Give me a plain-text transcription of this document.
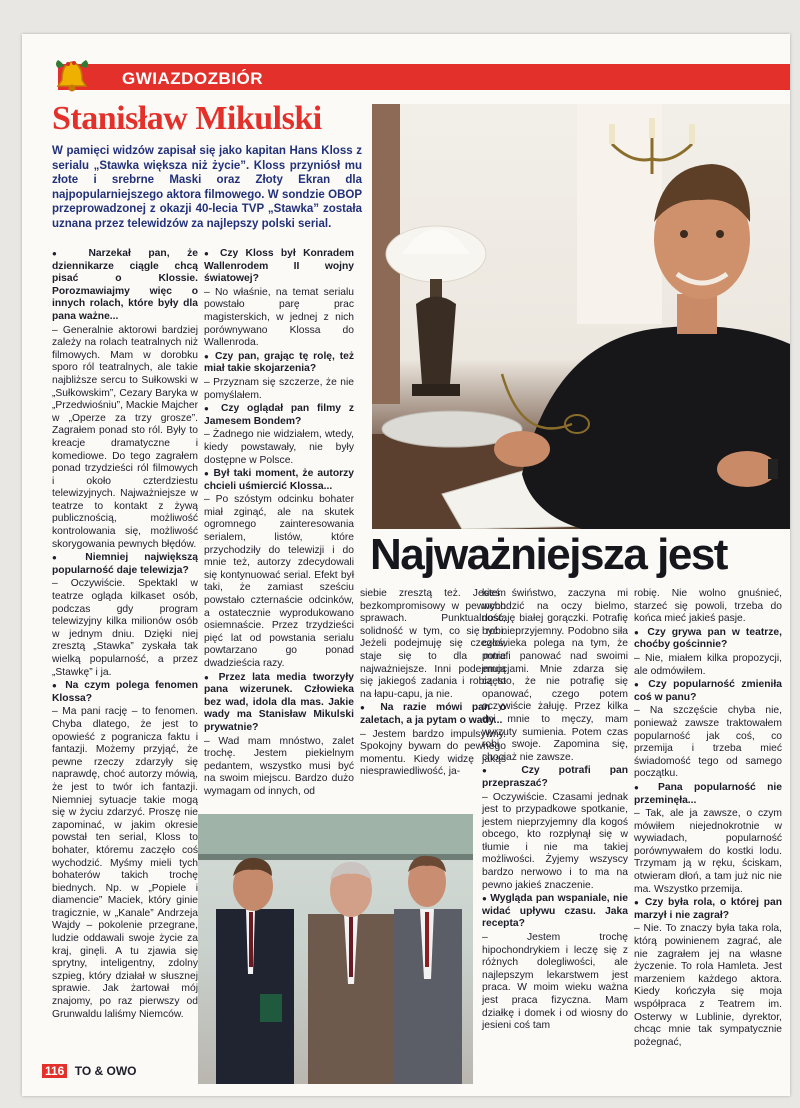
GWIAZDOZBIÓR
Stanisław Mikulski
W pamięci widzów zapisał się jako kapitan Hans Kloss z serialu „Stawka większa niż życie”. Kloss przyniósł mu złote i srebrne Maski oraz Złoty Ekran dla najpopularniejszego aktora filmowego. W sondzie OBOP przeprowadzonej z okazji 40-lecia TVP „Stawka” została uznana przez telewidzów za najlepszy polski serial.
Najważniejsza jest

● Narzekał pan, że dziennikarze ciągle chcą pisać o Klossie. Porozmawiajmy więc o innych rolach, które były dla pana ważne...

– Generalnie aktorowi bardziej zależy na rolach teatralnych niż filmowych. Mam w dorobku sporo ról teatralnych, ale takie najbliższe sercu to Sułkowski w „Sułkowskim”, Cezary Baryka w „Przedwiośniu”, Mackie Majcher w „Operze za trzy grosze”. Zagrałem ponad sto ról. Były to kreacje dramatyczne i komediowe. Do tego zagrałem ponad trzydzieści ról filmowych i około czterdziestu telewizyjnych. Najważniejsze w teatrze to kontakt z żywą publicznością, możliwość kontrolowania się, możliwość skorygowania pewnych błędów.

● Niemniej największą popularność daje telewizja?

– Oczywiście. Spektakl w teatrze ogląda kilkaset osób, podczas gdy program telewizyjny kilka milionów osób w jednym dniu. Dzięki niej zresztą „Stawka” zyskała tak wielką popularność, a przez „Stawkę” i ja.

● Na czym polega fenomen Klossa?

– Ma pani rację – to fenomen. Chyba dlatego, że jest to opowieść z pogranicza faktu i fantazji. Możemy przyjąć, że pewne rzeczy zdarzyły się naprawdę, choć autorzy mówią, że jest to twór ich fantazji. Niemniej sytuacje takie mogą się w życiu zdarzyć. Proszę nie zapominać, w jakim okresie powstał ten serial, Kloss to bohater, któremu zaczęło coś wychodzić. Myśmy mieli tych bohaterów takich trochę biednych. Np. w „Popiele i diamencie” Maciek, który ginie tragicznie, w „Kanale” Andrzeja Wajdy – pokolenie przegrane, ludzie oddawali swoje życie za kraj, ginęli. A tu zjawia się sprytny, inteligentny, zdolny szpieg, który działał w słusznej sprawie. Jak żartował mój znajomy, po raz pierwszy od Grunwaldu laliśmy Niemców.

● Czy Kloss był Konradem Wallenrodem II wojny światowej?

– No właśnie, na temat serialu powstało parę prac magisterskich, w jednej z nich porównywano Klossa do Wallenroda.

● Czy pan, grając tę rolę, też miał takie skojarzenia?

– Przyznam się szczerze, że nie pomyślałem.

● Czy oglądał pan filmy z Jamesem Bondem?

– Żadnego nie widziałem, wtedy, kiedy powstawały, nie były dostępne w Polsce.

● Był taki moment, że autorzy chcieli uśmiercić Klossa...

– Po szóstym odcinku bohater miał zginąć, ale na skutek ogromnego zainteresowania serialem, listów, które przychodziły do telewizji i do mnie też, autorzy zdecydowali się kontynuować serial. Efekt był taki, że zamiast sześciu powstało czternaście odcinków, a ostatecznie wyprodukowano osiemnaście. Przez trzydzieści pięć lat od powstania serialu powtarzano go ponad dwadzieścia razy.

● Przez lata media tworzyły pana wizerunek. Człowieka bez wad, idola dla mas. Jakie wady ma Stanisław Mikulski prywatnie?

– Wad mam mnóstwo, zalet trochę. Jestem piekielnym pedantem, wszystko musi być na swoim miejscu. Bardzo dużo wymagam od innych, od

siebie zresztą też. Jestem bezkompromisowy w pewnych sprawach. Punktualność, solidność w tym, co się robi. Jeżeli podejmuję się czegoś, staje się to dla mnie najważniejsze. Inni podejmują się jakiegoś zadania i robią to na łapu-capu, ja nie.

● Na razie mówi pan o zaletach, a ja pytam o wady...

– Jestem bardzo impulsywny. Spokojny bywam do pewnego momentu. Kiedy widzę jakąś niesprawiedliwość, ja-

kieś świństwo, zaczyna mi wchodzić na oczy bielmo, dostaję białej gorączki. Potrafię być nieprzyjemny. Podobno siła człowieka polega na tym, że potrafi panować nad swoimi emocjami. Mnie zdarza się często, że nie potrafię się opanować, czego potem oczywiście żałuję. Przez kilka dni mnie to męczy, mam wyrzuty sumienia. Potem czas robi swoje. Zapomina się, chociaż nie zawsze.

● Czy potrafi pan przepraszać?

– Oczywiście. Czasami jednak jest to przypadkowe spotkanie, jestem nieprzyjemny dla kogoś obcego, kto rozpłynął się w tłumie i nie ma takiej możliwości. Żyjemy wszyscy bardzo nerwowo i to ma na pewno jakieś znaczenie.

● Wygląda pan wspaniale, nie widać upływu czasu. Jaka recepta?

– Jestem trochę hipochondrykiem i leczę się z różnych dolegliwości, ale najlepszym lekarstwem jest praca. W moim wieku ważna jest praca fizyczna. Mam działkę i domek i od wiosny do jesieni coś tam

robię. Nie wolno gnuśnieć, starzeć się powoli, trzeba do końca mieć jakieś pasje.

● Czy grywa pan w teatrze, choćby gościnnie?

– Nie, miałem kilka propozycji, ale odmówiłem.

● Czy popularność zmieniła coś w panu?

– Na szczęście chyba nie, ponieważ zawsze traktowałem popularność jak coś, co przemija i trzeba mieć świadomość tego od samego początku.

● Pana popularność nie przeminęła...

– Tak, ale ja zawsze, o czym mówiłem niejednokrotnie w wywiadach, popularność porównywałem do kostki lodu. Trzymam ją w ręku, ściskam, otwieram dłoń, a tam już nic nie ma. Wszystko przemija.

● Czy była rola, o której pan marzył i nie zagrał?

– Nie. To znaczy była taka rola, którą powinienem zagrać, ale nie zagrałem jej na własne życzenie. To rola Hamleta. Jest marzeniem każdego aktora. Kiedy kończyła się moja współpraca z Teatrem im. Osterwy w Lublinie, dyrektor, chcąc mnie tak sympatycznie pożegnać,

116 TO & OWO
